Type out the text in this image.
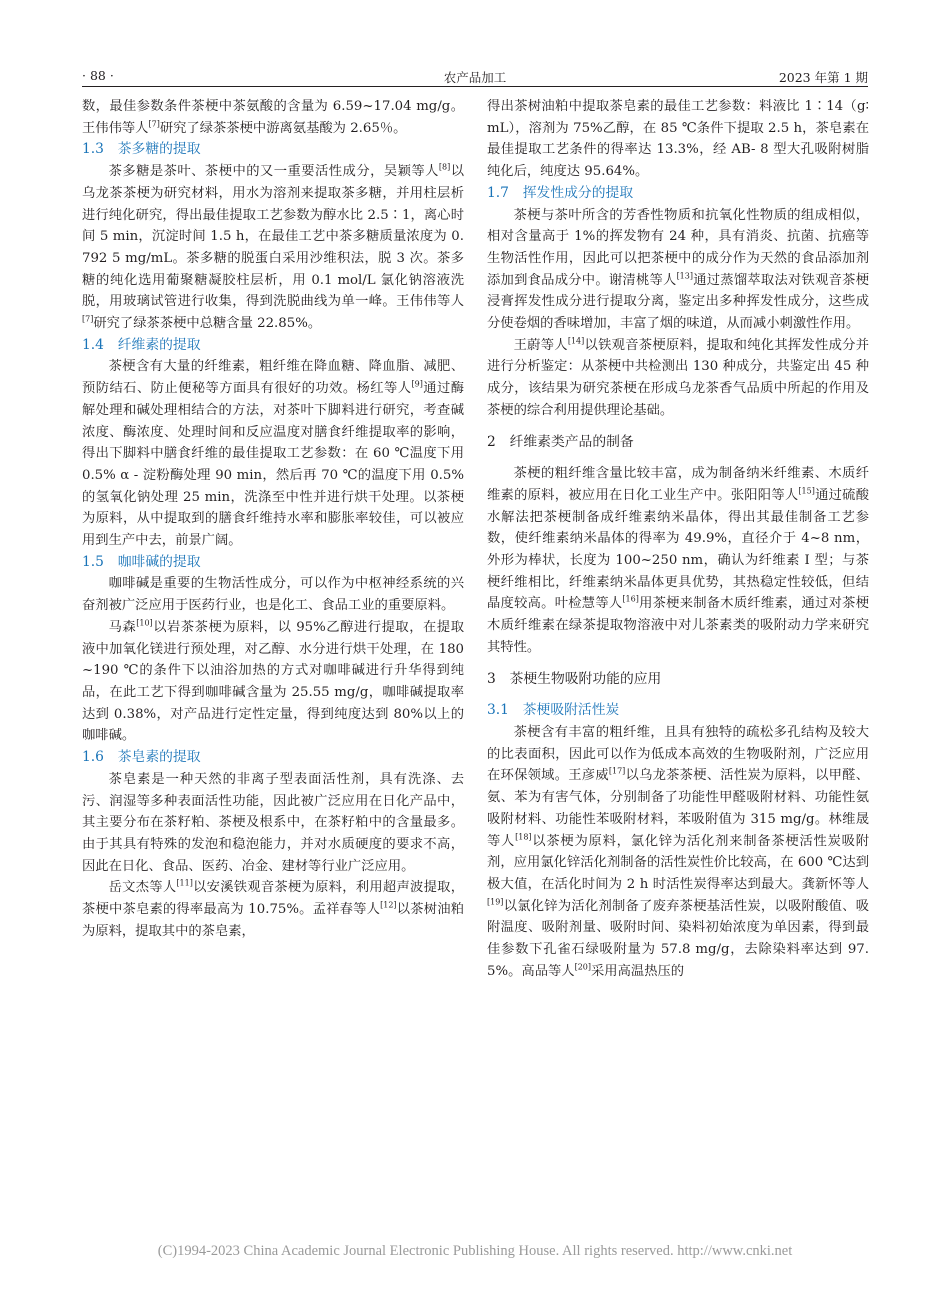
· 88 ·	农产品加工	2023 年第 1 期

数，最佳参数条件茶梗中茶氨酸的含量为 6.59~17.04 mg/g。王伟伟等人[7]研究了绿茶茶梗中游离氨基酸为 2.65％。

1.3　茶多糖的提取

茶多糖是茶叶、茶梗中的又一重要活性成分，吴颖等人[8]以乌龙茶茶梗为研究材料，用水为溶剂来提取茶多糖，并用柱层析进行纯化研究，得出最佳提取工艺参数为醇水比 2.5∶1，离心时间 5 min，沉淀时间 1.5 h，在最佳工艺中茶多糖质量浓度为 0.792 5 mg/mL。茶多糖的脱蛋白采用沙维积法，脱 3 次。茶多糖的纯化选用葡聚糖凝胶柱层析，用 0.1 mol/L 氯化钠溶液洗脱，用玻璃试管进行收集，得到洗脱曲线为单一峰。王伟伟等人[7]研究了绿茶茶梗中总糖含量 22.85%。

1.4　纤维素的提取

茶梗含有大量的纤维素，粗纤维在降血糖、降血脂、减肥、预防结石、防止便秘等方面具有很好的功效。杨红等人[9]通过酶解处理和碱处理相结合的方法，对茶叶下脚料进行研究，考查碱浓度、酶浓度、处理时间和反应温度对膳食纤维提取率的影响，得出下脚料中膳食纤维的最佳提取工艺参数：在 60 ℃温度下用 0.5% α - 淀粉酶处理 90 min，然后再 70 ℃的温度下用 0.5%的氢氧化钠处理 25 min，洗涤至中性并进行烘干处理。以茶梗为原料，从中提取到的膳食纤维持水率和膨胀率较佳，可以被应用到生产中去，前景广阔。

1.5　咖啡碱的提取

咖啡碱是重要的生物活性成分，可以作为中枢神经系统的兴奋剂被广泛应用于医药行业，也是化工、食品工业的重要原料。

马森[10]以岩茶茶梗为原料，以 95%乙醇进行提取，在提取液中加氧化镁进行预处理，对乙醇、水分进行烘干处理，在 180~190 ℃的条件下以油浴加热的方式对咖啡碱进行升华得到纯品，在此工艺下得到咖啡碱含量为 25.55 mg/g，咖啡碱提取率达到 0.38%，对产品进行定性定量，得到纯度达到 80%以上的咖啡碱。

1.6　茶皂素的提取

茶皂素是一种天然的非离子型表面活性剂，具有洗涤、去污、润湿等多种表面活性功能，因此被广泛应用在日化产品中，其主要分布在茶籽粕、茶梗及根系中，在茶籽粕中的含量最多。由于其具有特殊的发泡和稳泡能力，并对水质硬度的要求不高，因此在日化、食品、医药、冶金、建材等行业广泛应用。

岳文杰等人[11]以安溪铁观音茶梗为原料，利用超声波提取，茶梗中茶皂素的得率最高为 10.75%。孟祥春等人[12]以茶树油粕为原料，提取其中的茶皂素，

得出茶树油粕中提取茶皂素的最佳工艺参数：料液比 1∶14（g∶mL），溶剂为 75%乙醇，在 85 ℃条件下提取 2.5 h，茶皂素在最佳提取工艺条件的得率达 13.3%，经 AB- 8 型大孔吸附树脂纯化后，纯度达 95.64%。

1.7　挥发性成分的提取

茶梗与茶叶所含的芳香性物质和抗氧化性物质的组成相似，相对含量高于 1%的挥发物有 24 种，具有消炎、抗菌、抗癌等生物活性作用，因此可以把茶梗中的成分作为天然的食品添加剂添加到食品成分中。谢清桃等人[13]通过蒸馏萃取法对铁观音茶梗浸膏挥发性成分进行提取分离，鉴定出多种挥发性成分，这些成分使卷烟的香味增加，丰富了烟的味道，从而减小刺激性作用。

王蔚等人[14]以铁观音茶梗原料，提取和纯化其挥发性成分并进行分析鉴定：从茶梗中共检测出 130 种成分，共鉴定出 45 种成分，该结果为研究茶梗在形成乌龙茶香气品质中所起的作用及茶梗的综合利用提供理论基础。

2　纤维素类产品的制备

茶梗的粗纤维含量比较丰富，成为制备纳米纤维素、木质纤维素的原料，被应用在日化工业生产中。张阳阳等人[15]通过硫酸水解法把茶梗制备成纤维素纳米晶体，得出其最佳制备工艺参数，使纤维素纳米晶体的得率为 49.9%，直径介于 4~8 nm，外形为棒状，长度为 100~250 nm，确认为纤维素 I 型；与茶梗纤维相比，纤维素纳米晶体更具优势，其热稳定性较低，但结晶度较高。叶检慧等人[16]用茶梗来制备木质纤维素，通过对茶梗木质纤维素在绿茶提取物溶液中对儿茶素类的吸附动力学来研究其特性。

3　茶梗生物吸附功能的应用
3.1　茶梗吸附活性炭

茶梗含有丰富的粗纤维，且具有独特的疏松多孔结构及较大的比表面积，因此可以作为低成本高效的生物吸附剂，广泛应用在环保领域。王彦威[17]以乌龙茶茶梗、活性炭为原料，以甲醛、氨、苯为有害气体，分别制备了功能性甲醛吸附材料、功能性氨吸附材料、功能性苯吸附材料，苯吸附值为 315 mg/g。林维晟等人[18]以茶梗为原料，氯化锌为活化剂来制备茶梗活性炭吸附剂，应用氯化锌活化剂制备的活性炭性价比较高，在 600 ℃达到极大值，在活化时间为 2 h 时活性炭得率达到最大。龚新怀等人[19]以氯化锌为活化剂制备了废弃茶梗基活性炭，以吸附酸值、吸附温度、吸附剂量、吸附时间、染料初始浓度为单因素，得到最佳参数下孔雀石绿吸附量为 57.8 mg/g，去除染料率达到 97.5%。高品等人[20]采用高温热压的

(C)1994-2023 China Academic Journal Electronic Publishing House. All rights reserved. http://www.cnki.net
